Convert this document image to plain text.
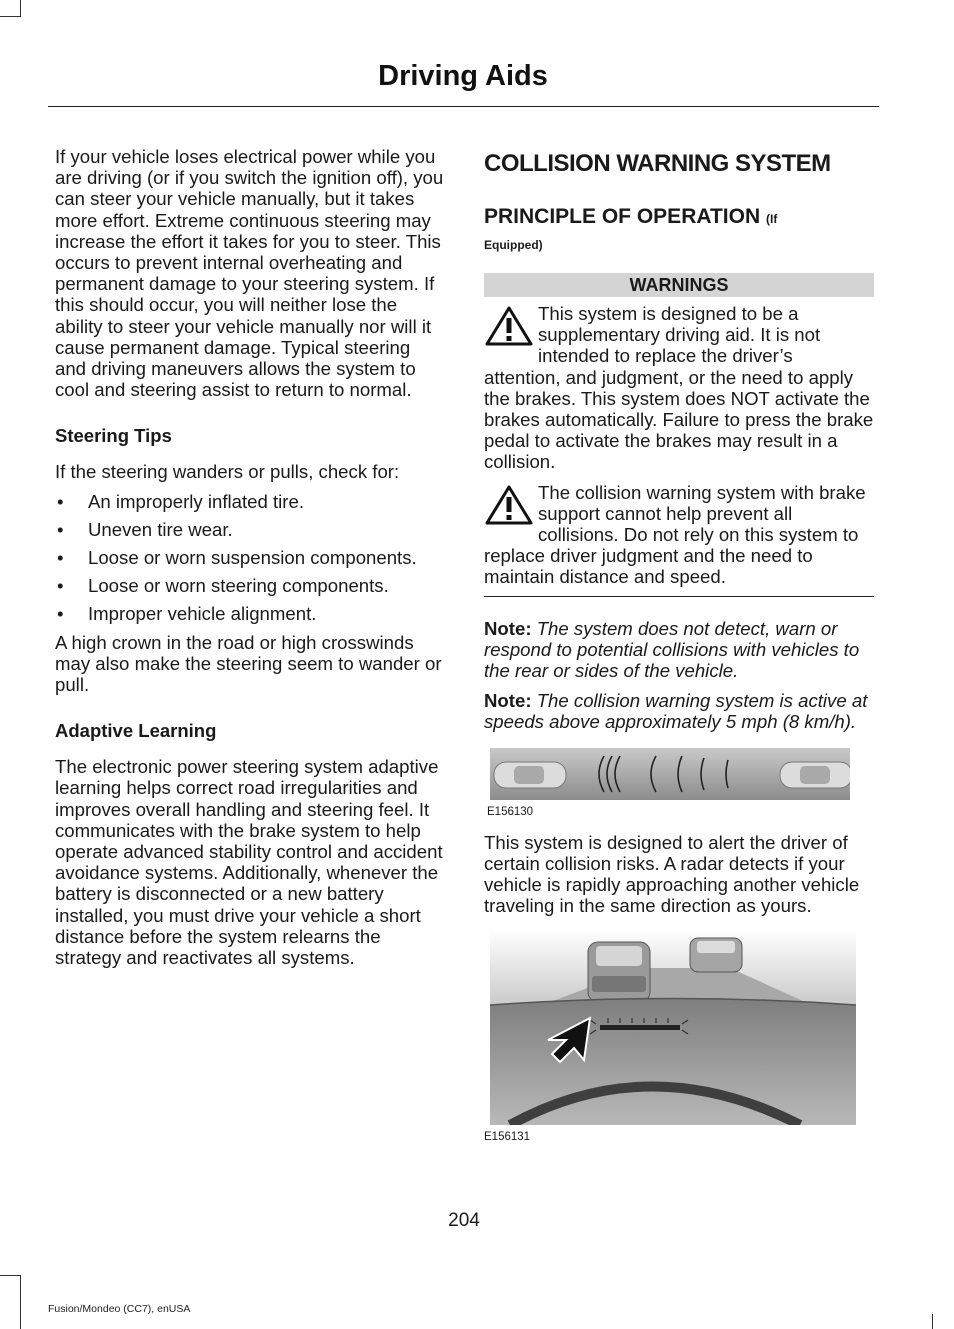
Driving Aids

If your vehicle loses electrical power while you are driving (or if you switch the ignition off), you can steer your vehicle manually, but it takes more effort. Extreme continuous steering may increase the effort it takes for you to steer. This occurs to prevent internal overheating and permanent damage to your steering system. If this should occur, you will neither lose the ability to steer your vehicle manually nor will it cause permanent damage. Typical steering and driving maneuvers allows the system to cool and steering assist to return to normal.

Steering Tips

If the steering wanders or pulls, check for:

• An improperly inflated tire.
• Uneven tire wear.
• Loose or worn suspension components.
• Loose or worn steering components.
• Improper vehicle alignment.

A high crown in the road or high crosswinds may also make the steering seem to wander or pull.

Adaptive Learning

The electronic power steering system adaptive learning helps correct road irregularities and improves overall handling and steering feel. It communicates with the brake system to help operate advanced stability control and accident avoidance systems. Additionally, whenever the battery is disconnected or a new battery installed, you must drive your vehicle a short distance before the system relearns the strategy and reactivates all systems.

COLLISION WARNING SYSTEM
PRINCIPLE OF OPERATION (If
Equipped)
WARNINGS
This system is designed to be a supplementary driving aid. It is not intended to replace the driver’s attention, and judgment, or the need to apply the brakes. This system does NOT activate the brakes automatically. Failure to press the brake pedal to activate the brakes may result in a collision.
The collision warning system with brake support cannot help prevent all collisions. Do not rely on this system to replace driver judgment and the need to maintain distance and speed.

Note: The system does not detect, warn or respond to potential collisions with vehicles to the rear or sides of the vehicle.

Note: The collision warning system is active at speeds above approximately 5 mph (8 km/h).

E156130

This system is designed to alert the driver of certain collision risks. A radar detects if your vehicle is rapidly approaching another vehicle traveling in the same direction as yours.

E156131
204
Fusion/Mondeo (CC7), enUSA
